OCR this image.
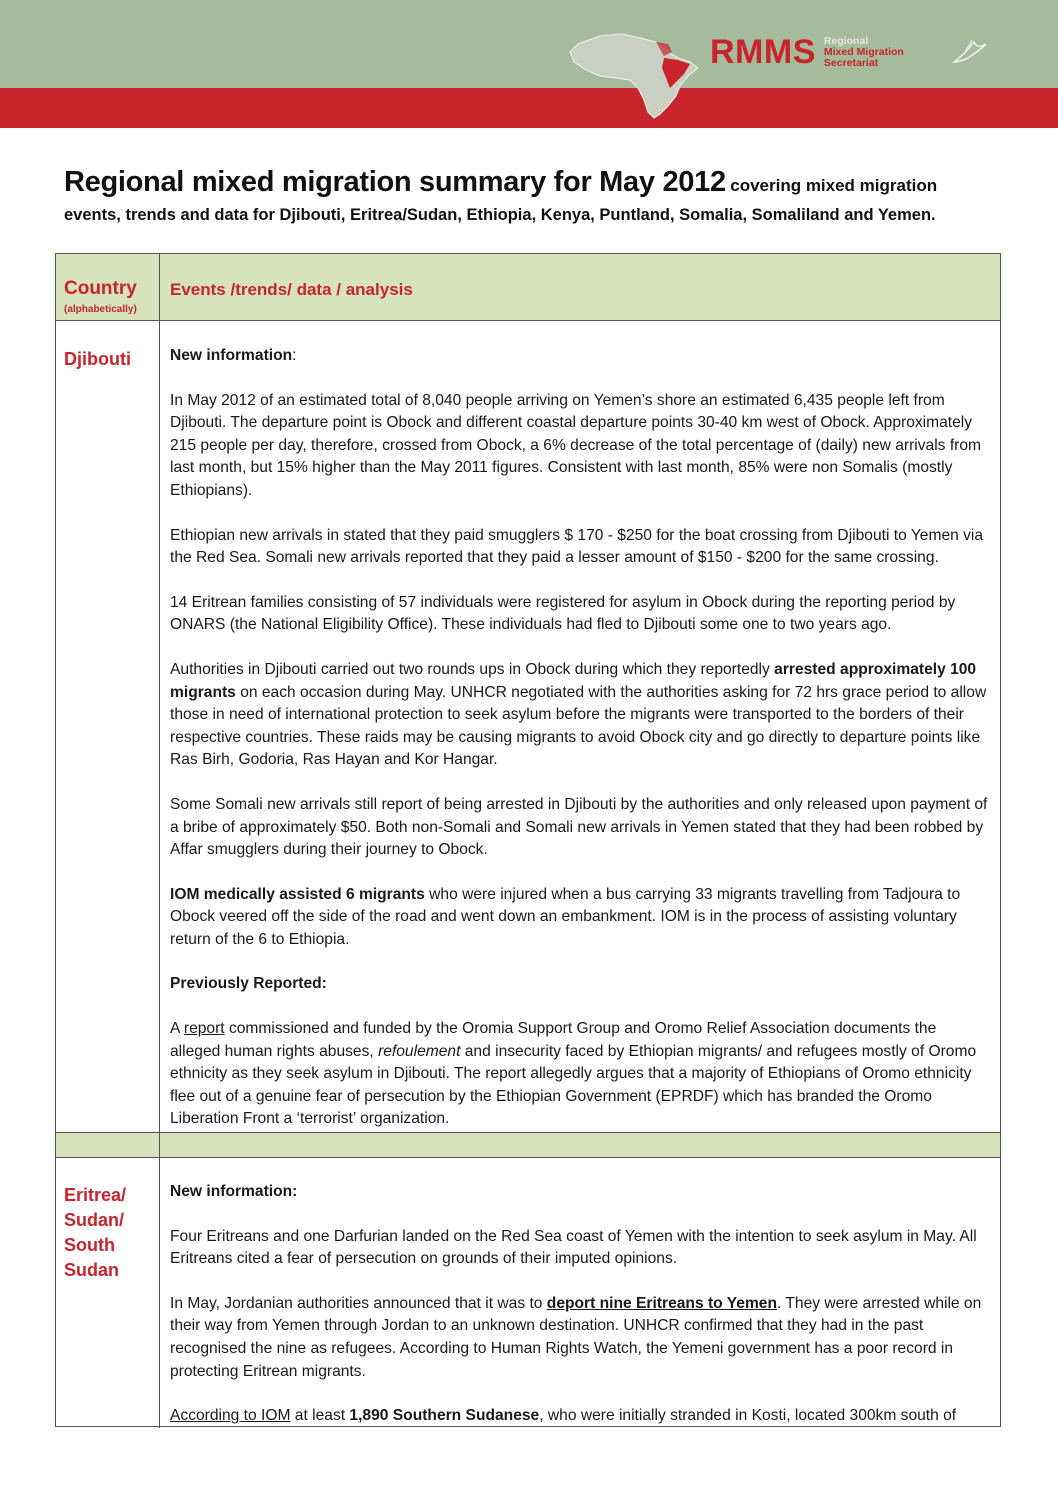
RMMS Regional
Mixed Migration
Secretariat
Regional mixed migration summary for May 2012 covering mixed migration
events, trends and data for Djibouti, Eritrea/Sudan, Ethiopia, Kenya, Puntland, Somalia, Somaliland and Yemen.
Country
(alphabetically)
Events /trends/ data / analysis
Djibouti	New information:

In May 2012 of an estimated total of 8,040 people arriving on Yemen’s shore an estimated 6,435 people left from Djibouti. The departure point is Obock and different coastal departure points 30-40 km west of Obock. Approximately 215 people per day, therefore, crossed from Obock, a 6% decrease of the total percentage of (daily) new arrivals from last month, but 15% higher than the May 2011 figures. Consistent with last month, 85% were non Somalis (mostly Ethiopians).

Ethiopian new arrivals in stated that they paid smugglers $ 170 - $250 for the boat crossing from Djibouti to Yemen via the Red Sea. Somali new arrivals reported that they paid a lesser amount of $150 - $200 for the same crossing.

14 Eritrean families consisting of 57 individuals were registered for asylum in Obock during the reporting period by ONARS (the National Eligibility Office). These individuals had fled to Djibouti some one to two years ago.

Authorities in Djibouti carried out two rounds ups in Obock during which they reportedly arrested approximately 100 migrants on each occasion during May. UNHCR negotiated with the authorities asking for 72 hrs grace period to allow those in need of international protection to seek asylum before the migrants were transported to the borders of their respective countries. These raids may be causing migrants to avoid Obock city and go directly to departure points like Ras Birh, Godoria, Ras Hayan and Kor Hangar.

Some Somali new arrivals still report of being arrested in Djibouti by the authorities and only released upon payment of a bribe of approximately $50. Both non-Somali and Somali new arrivals in Yemen stated that they had been robbed by Affar smugglers during their journey to Obock.

IOM medically assisted 6 migrants who were injured when a bus carrying 33 migrants travelling from Tadjoura to Obock veered off the side of the road and went down an embankment. IOM is in the process of assisting voluntary return of the 6 to Ethiopia.

Previously Reported:

A report commissioned and funded by the Oromia Support Group and Oromo Relief Association documents the alleged human rights abuses, refoulement and insecurity faced by Ethiopian migrants/ and refugees mostly of Oromo ethnicity as they seek asylum in Djibouti. The report allegedly argues that a majority of Ethiopians of Oromo ethnicity flee out of a genuine fear of persecution by the Ethiopian Government (EPRDF) which has branded the Oromo Liberation Front a ‘terrorist’ organization.

Eritrea/
Sudan/
South
Sudan

New information:

Four Eritreans and one Darfurian landed on the Red Sea coast of Yemen with the intention to seek asylum in May. All Eritreans cited a fear of persecution on grounds of their imputed opinions.

In May, Jordanian authorities announced that it was to deport nine Eritreans to Yemen. They were arrested while on their way from Yemen through Jordan to an unknown destination. UNHCR confirmed that they had in the past recognised the nine as refugees. According to Human Rights Watch, the Yemeni government has a poor record in protecting Eritrean migrants.

According to IOM at least 1,890 Southern Sudanese, who were initially stranded in Kosti, located 300km south of
